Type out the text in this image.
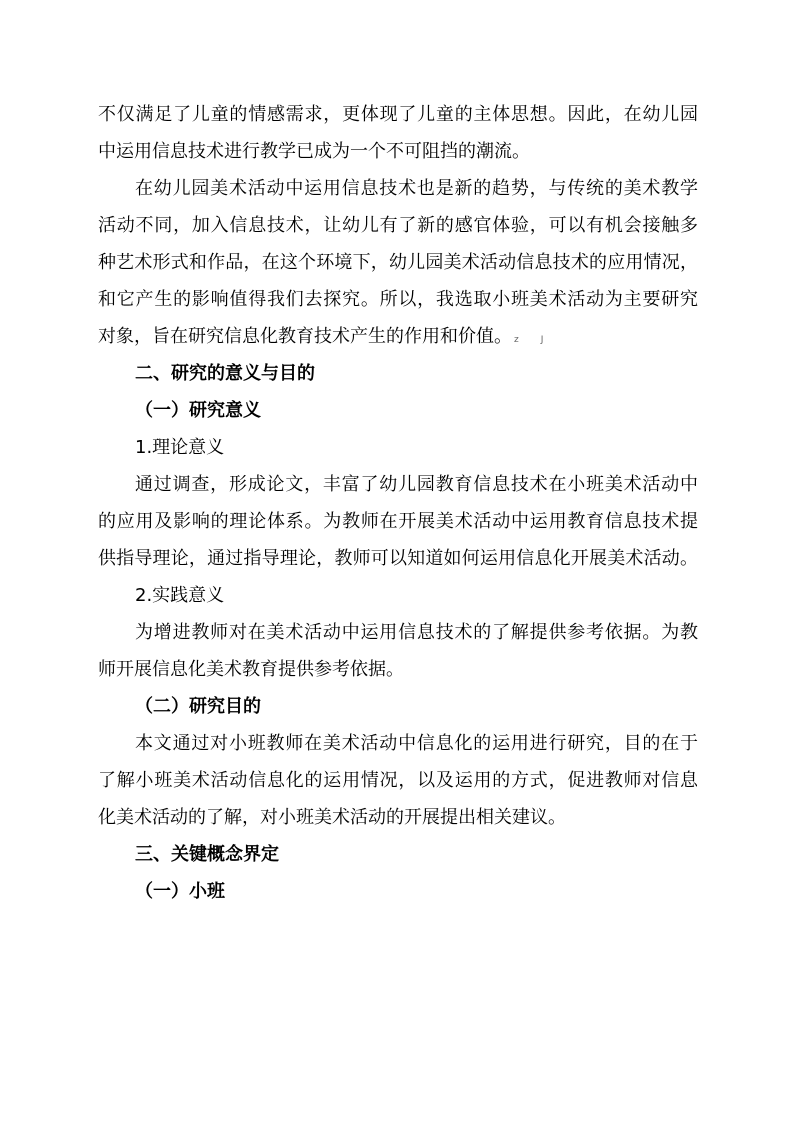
不仅满足了儿童的情感需求，更体现了儿童的主体思想。因此，在幼儿园
中运用信息技术进行教学已成为一个不可阻挡的潮流。
在幼儿园美术活动中运用信息技术也是新的趋势，与传统的美术教学
活动不同，加入信息技术，让幼儿有了新的感官体验，可以有机会接触多
种艺术形式和作品，在这个环境下，幼儿园美术活动信息技术的应用情况，
和它产生的影响值得我们去探究。所以，我选取小班美术活动为主要研究
对象，旨在研究信息化教育技术产生的作用和价值。 z J
二、研究的意义与目的
（一）研究意义
1.理论意义
通过调查，形成论文，丰富了幼儿园教育信息技术在小班美术活动中
的应用及影响的理论体系。为教师在开展美术活动中运用教育信息技术提
供指导理论，通过指导理论，教师可以知道如何运用信息化开展美术活动。
2.实践意义
为增进教师对在美术活动中运用信息技术的了解提供参考依据。为教
师开展信息化美术教育提供参考依据。
（二）研究目的
本文通过对小班教师在美术活动中信息化的运用进行研究，目的在于
了解小班美术活动信息化的运用情况，以及运用的方式，促进教师对信息
化美术活动的了解，对小班美术活动的开展提出相关建议。
三、关键概念界定
（一）小班
